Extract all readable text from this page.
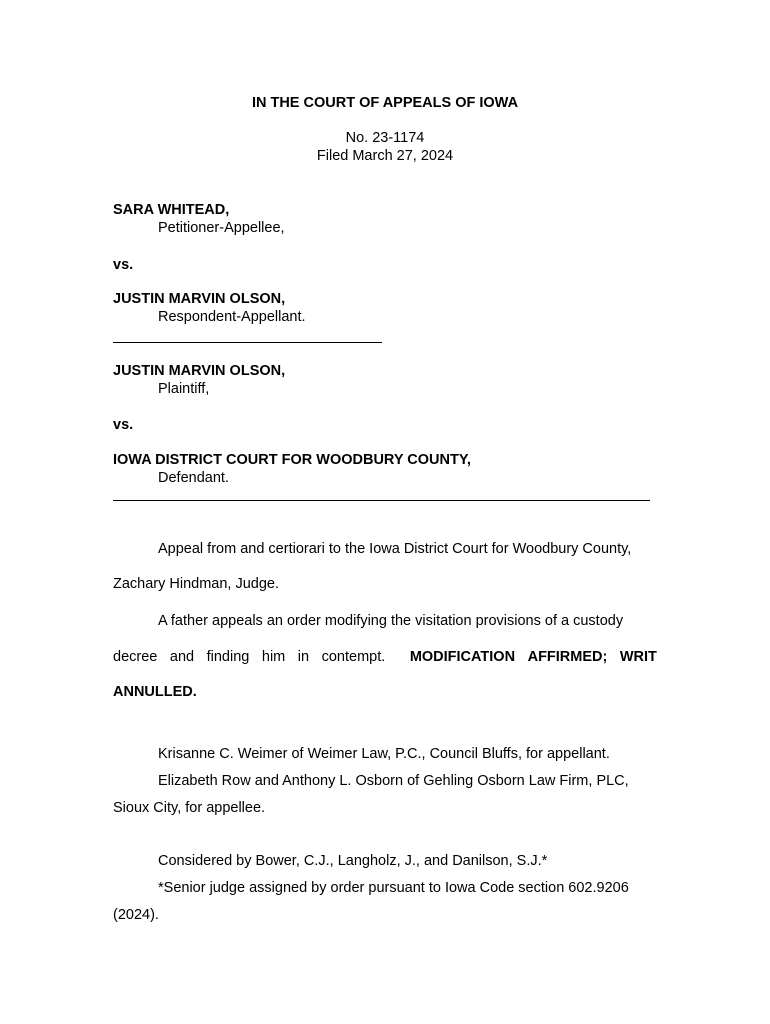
IN THE COURT OF APPEALS OF IOWA
No. 23-1174
Filed March 27, 2024
SARA WHITEAD,
Petitioner-Appellee,
vs.
JUSTIN MARVIN OLSON,
Respondent-Appellant.
JUSTIN MARVIN OLSON,
Plaintiff,
vs.
IOWA DISTRICT COURT FOR WOODBURY COUNTY,
Defendant.
Appeal from and certiorari to the Iowa District Court for Woodbury County,
Zachary Hindman, Judge.
A father appeals an order modifying the visitation provisions of a custody
decree and finding him in contempt. MODIFICATION AFFIRMED; WRIT
ANNULLED.
Krisanne C. Weimer of Weimer Law, P.C., Council Bluffs, for appellant.
Elizabeth Row and Anthony L. Osborn of Gehling Osborn Law Firm, PLC,
Sioux City, for appellee.
Considered by Bower, C.J., Langholz, J., and Danilson, S.J.*
*Senior judge assigned by order pursuant to Iowa Code section 602.9206
(2024).
